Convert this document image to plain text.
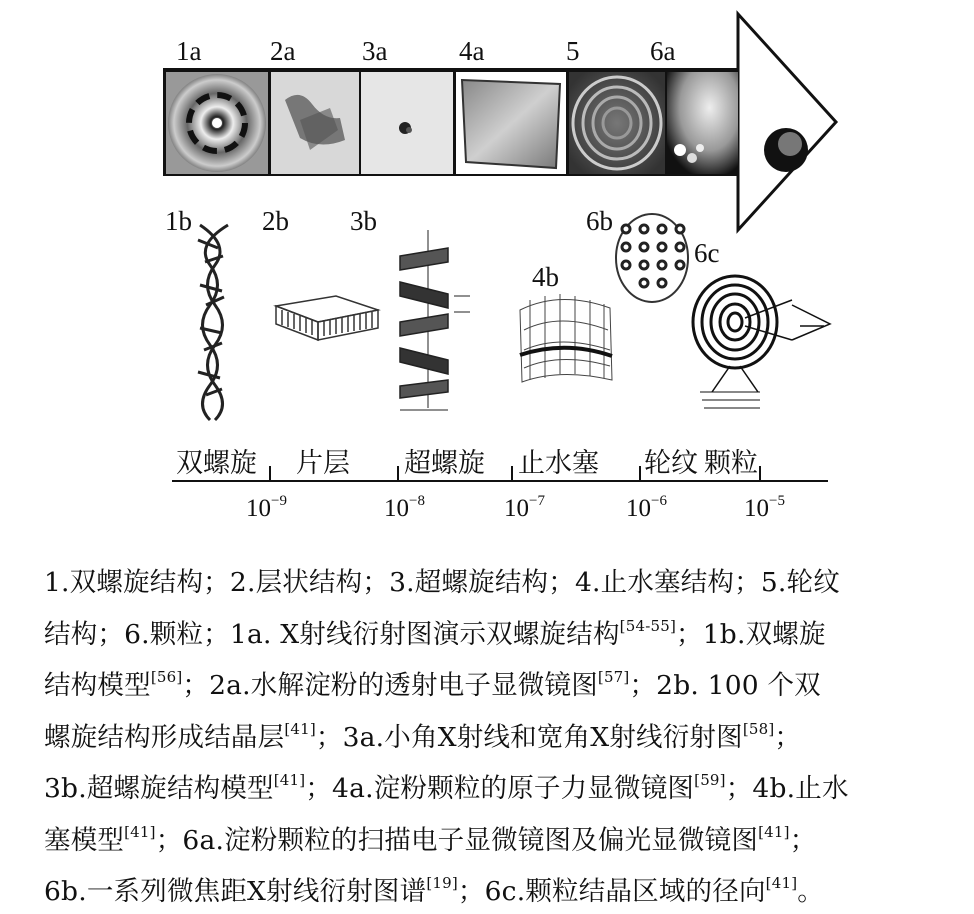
1a	2a 3a	4a	5	6a
1b	2b 3b
4b
6b
6c
双螺旋 片层 超螺旋 止水塞 轮纹 颗粒
$10^{-9}$	$10^{-8}$	$10^{-7}$	$10^{-6}$	$10^{-5}$
1.双螺旋结构；2.层状结构；3.超螺旋结构；4.止水塞结构；5.轮纹
结构；6.颗粒；1a. X射线衍射图演示双螺旋结构[54-55]；1b.双螺旋
结构模型[56]；2a.水解淀粉的透射电子显微镜图[57]；2b. 100 个双
螺旋结构形成结晶层[41]；3a.小角X射线和宽角X射线衍射图[58]；
3b.超螺旋结构模型[41]；4a.淀粉颗粒的原子力显微镜图[59]；4b.止水
塞模型[41]；6a.淀粉颗粒的扫描电子显微镜图及偏光显微镜图[41]；
6b.一系列微焦距X射线衍射图谱[19]；6c.颗粒结晶区域的径向[41]。
